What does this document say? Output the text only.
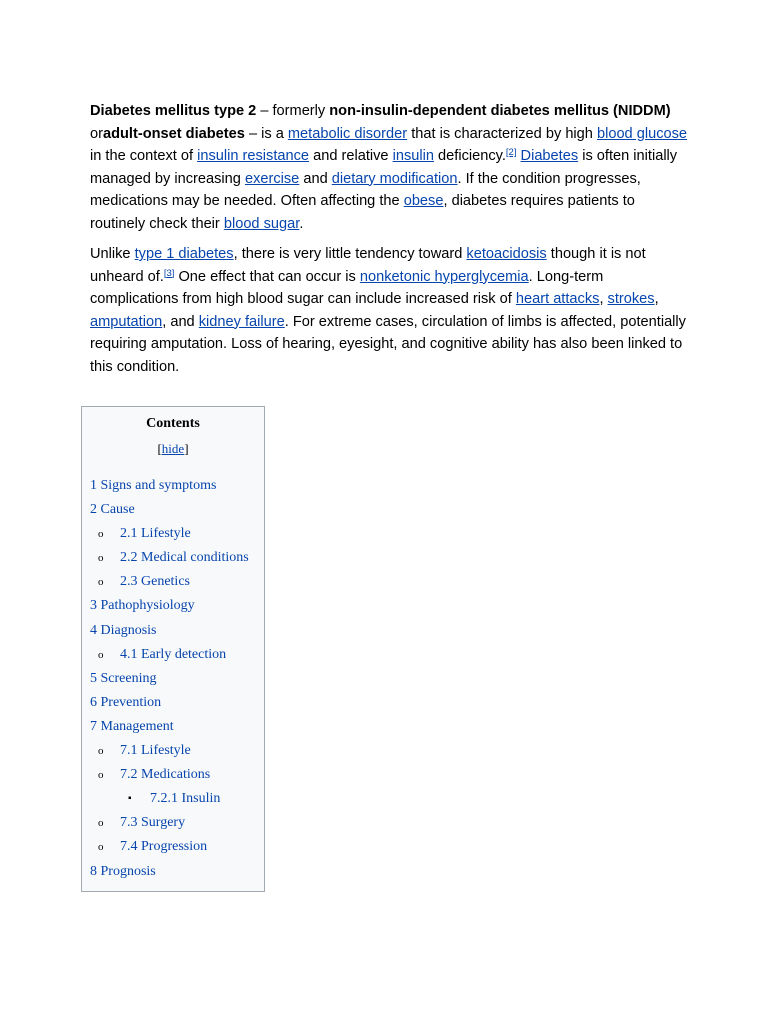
Diabetes mellitus type 2 – formerly non-insulin-dependent diabetes mellitus (NIDDM) oradult-onset diabetes – is a metabolic disorder that is characterized by high blood glucose in the context of insulin resistance and relative insulin deficiency.[2] Diabetes is often initially managed by increasing exercise and dietary modification. If the condition progresses, medications may be needed. Often affecting the obese, diabetes requires patients to routinely check their blood sugar.

Unlike type 1 diabetes, there is very little tendency toward ketoacidosis though it is not unheard of.[3] One effect that can occur is nonketonic hyperglycemia. Long-term complications from high blood sugar can include increased risk of heart attacks, strokes, amputation, and kidney failure. For extreme cases, circulation of limbs is affected, potentially requiring amputation. Loss of hearing, eyesight, and cognitive ability has also been linked to this condition.

Contents
[hide]
1 Signs and symptoms
2 Cause
o 2.1 Lifestyle
o 2.2 Medical conditions
o 2.3 Genetics
3 Pathophysiology
4 Diagnosis
o 4.1 Early detection
5 Screening
6 Prevention
7 Management
o 7.1 Lifestyle
o 7.2 Medications
▪ 7.2.1 Insulin
o 7.3 Surgery
o 7.4 Progression
8 Prognosis
